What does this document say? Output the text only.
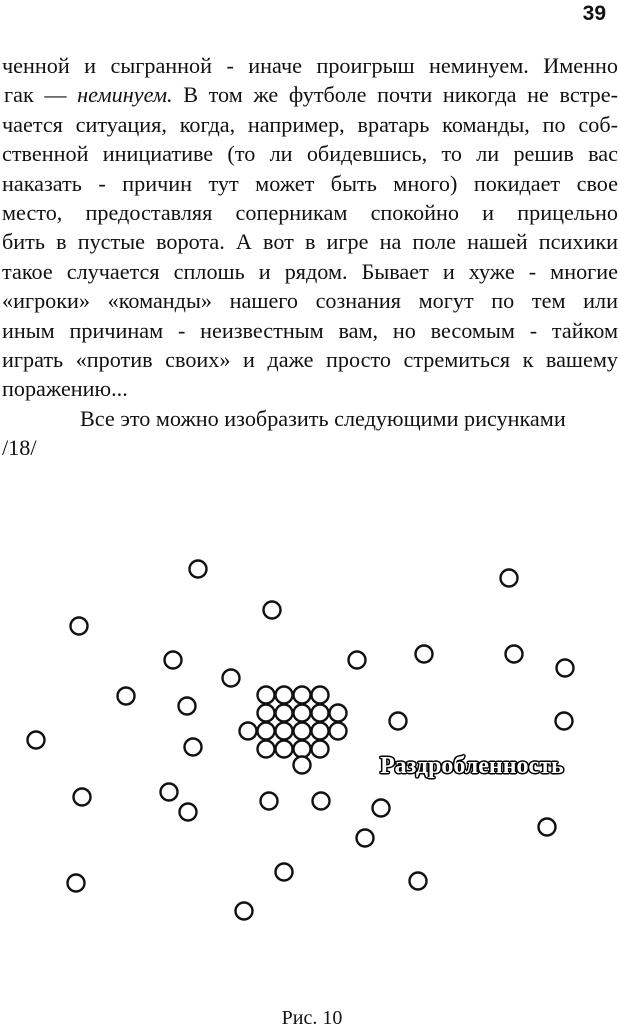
39
ченной и сыгранной - иначе проигрыш неминуем. Именно
гак — неминуем. В том же футболе почти никогда не встре-
чается ситуация, когда, например, вратарь команды, по соб-
ственной инициативе (то ли обидевшись, то ли решив вас
наказать - причин тут может быть много) покидает свое
место, предоставляя соперникам спокойно и прицельно
бить в пустые ворота. А вот в игре на поле нашей психики
такое случается сплошь и рядом. Бывает и хуже - многие
«игроки» «команды» нашего сознания могут по тем или
иным причинам - неизвестным вам, но весомым - тайком
играть «против своих» и даже просто стремиться к вашему
поражению...
Все это можно изобразить следующими рисунками
/18/
Раздробленность
Рис. 10
